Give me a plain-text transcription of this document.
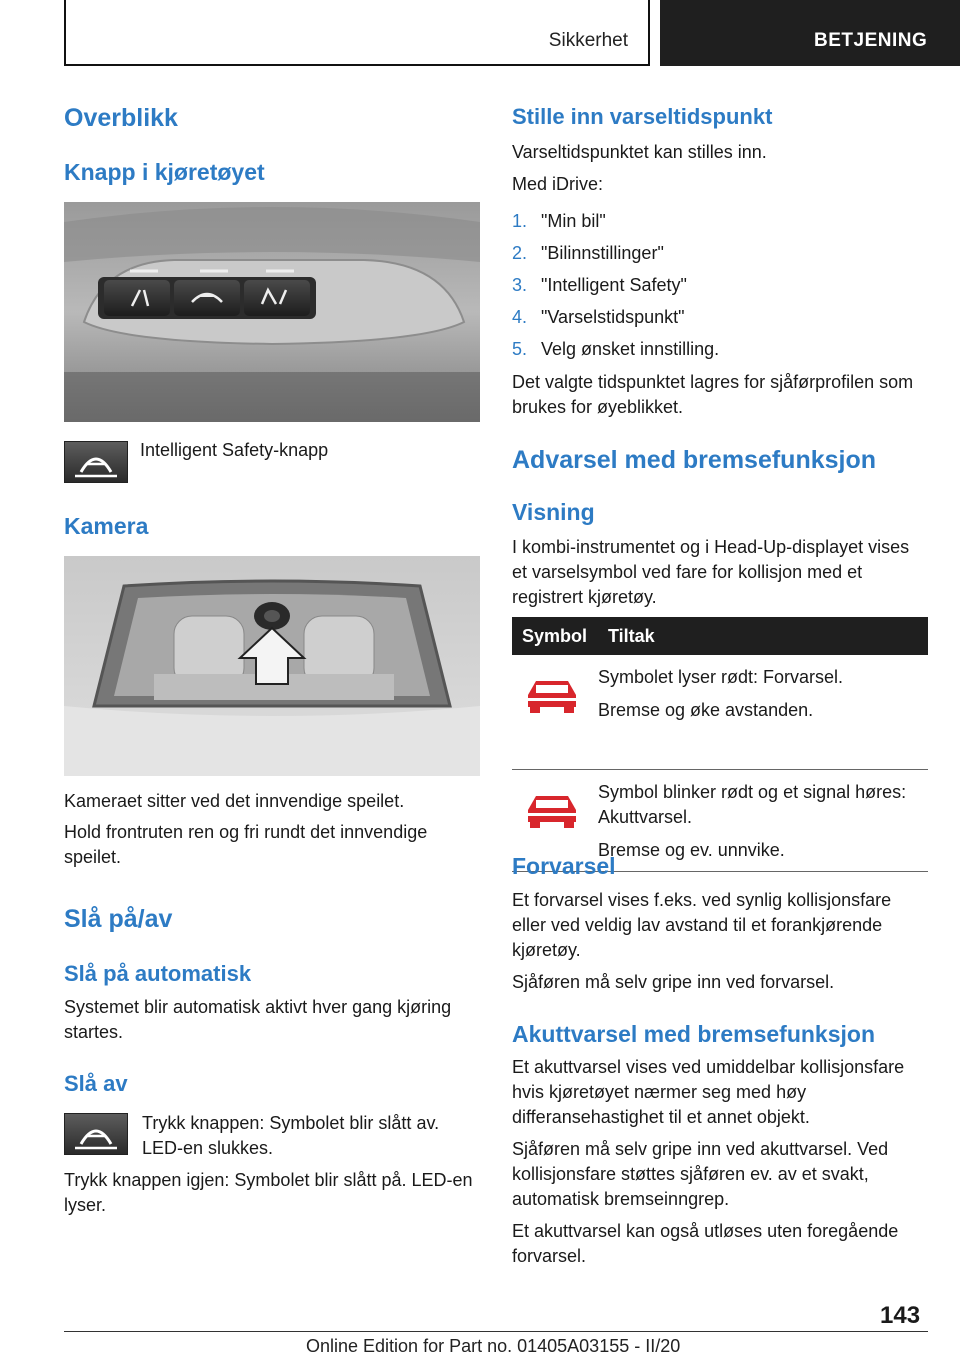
Sikkerhet	BETJENING
Overblikk
Knapp i kjøretøyet
Intelligent Safety-knapp
Kamera
Kameraet sitter ved det innvendige speilet.
Hold frontruten ren og fri rundt det innvendige speilet.
Slå på/av
Slå på automatisk
Systemet blir automatisk aktivt hver gang kjøring startes.
Slå av
Trykk knappen: Symbolet blir slått av. LED-en slukkes.
Trykk knappen igjen: Symbolet blir slått på. LED-en lyser.
Stille inn varseltidspunkt
Varseltidspunktet kan stilles inn.
Med iDrive:
1. "Min bil"
2. "Bilinnstillinger"
3. "Intelligent Safety"
4. "Varselstidspunkt"
5. Velg ønsket innstilling.
Det valgte tidspunktet lagres for sjåførprofilen som brukes for øyeblikket.
Advarsel med bremsefunksjon
Visning
I kombi-instrumentet og i Head-Up-displayet vises et varselsymbol ved fare for kollisjon med et registrert kjøretøy.
Symbol	Tiltak

Symbolet lyser rødt: Forvarsel.

Bremse og øke avstanden.

Symbol blinker rødt og et signal høres: Akuttvarsel.

Bremse og ev. unnvike.

Forvarsel
Et forvarsel vises f.eks. ved synlig kollisjonsfare eller ved veldig lav avstand til et forankjørende kjøretøy.
Sjåføren må selv gripe inn ved forvarsel.
Akuttvarsel med bremsefunksjon
Et akuttvarsel vises ved umiddelbar kollisjonsfare hvis kjøretøyet nærmer seg med høy differansehastighet til et annet objekt.
Sjåføren må selv gripe inn ved akuttvarsel. Ved kollisjonsfare støttes sjåføren ev. av et svakt, automatisk bremseinngrep.
Et akuttvarsel kan også utløses uten foregående forvarsel.
143
Online Edition for Part no. 01405A03155 - II/20
